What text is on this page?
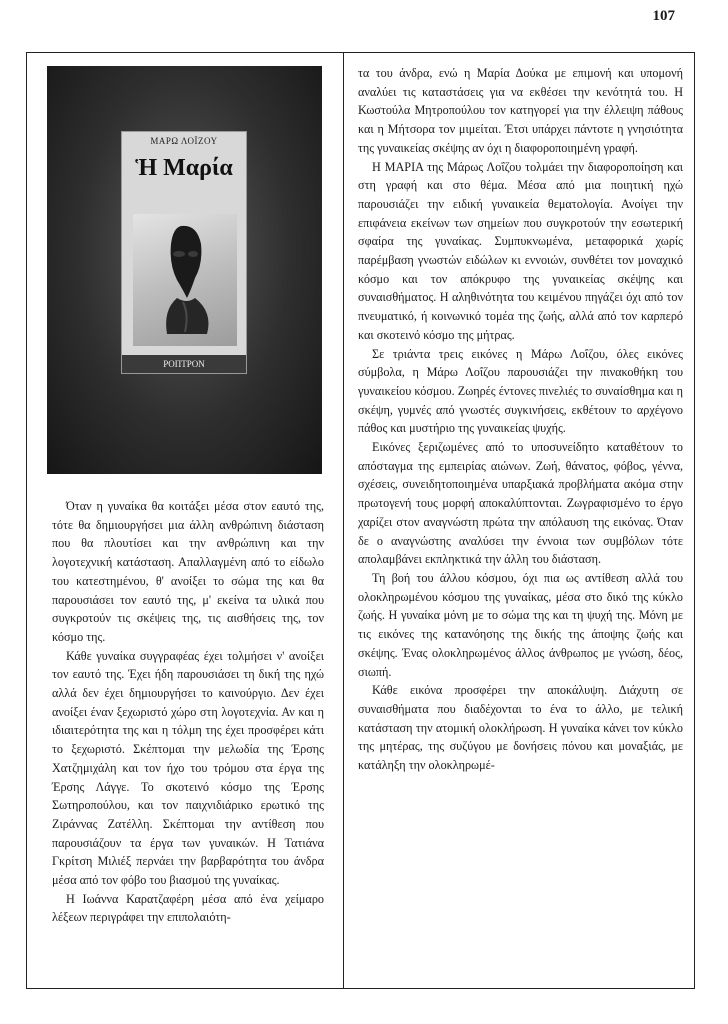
107
ΜΑΡΩ ΛΟΪΖΟΥ
Ἡ Μαρία
ΡΟΠΤΡΟΝ

Όταν η γυναίκα θα κοιτάξει μέσα στον εαυτό της, τότε θα δημιουργήσει μια άλλη ανθρώπινη διάσταση που θα πλουτίσει και την ανθρώπινη και την λογοτεχνική κατάσταση. Απαλλαγμένη από το είδωλο του κατεστημένου, θ' ανοίξει το σώμα της και θα παρουσιάσει τον εαυτό της, μ' εκείνα τα υλικά που συγκροτούν τις σκέψεις της, τις αισθήσεις της, τον κόσμο της.

Κάθε γυναίκα συγγραφέας έχει τολμήσει ν' ανοίξει τον εαυτό της. Έχει ήδη παρουσιάσει τη δική της ηχώ αλλά δεν έχει δημιουργήσει το καινούργιο. Δεν έχει ανοίξει έναν ξεχωριστό χώρο στη λογοτεχνία. Αν και η ιδιαιτερότητα της και η τόλμη της έχει προσφέρει κάτι το ξεχωριστό. Σκέπτομαι την μελωδία της Έρσης Χατζημιχάλη και τον ήχο του τρόμου στα έργα της Έρσης Λάγγε. Το σκοτεινό κόσμο της Έρσης Σωτηροπούλου, και τον παιχνιδιάρικο ερωτικό της Ζιράννας Ζατέλλη. Σκέπτομαι την αντίθεση που παρουσιάζουν τα έργα των γυναικών. Η Τατιάνα Γκρίτση Μιλιέξ περνάει την βαρβαρότητα του άνδρα μέσα από τον φόβο του βιασμού της γυναίκας.

Η Ιωάννα Καρατζαφέρη μέσα από ένα χείμαρο λέξεων περιγράφει την επιπολαιότη-

τα του άνδρα, ενώ η Μαρία Δούκα με επιμονή και υπομονή αναλύει τις καταστάσεις για να εκθέσει την κενότητά του. Η Κωστούλα Μητροπούλου τον κατηγορεί για την έλλειψη πάθους και η Μήτσορα τον μιμείται. Έτσι υπάρχει πάντοτε η γνησιότητα της γυναικείας σκέψης αν όχι η διαφοροποιημένη γραφή.

Η ΜΑΡΙΑ της Μάρως Λοΐζου τολμάει την διαφοροποίηση και στη γραφή και στο θέμα. Μέσα από μια ποιητική ηχώ παρουσιάζει την ειδική γυναικεία θεματολογία. Ανοίγει την επιφάνεια εκείνων των σημείων που συγκροτούν την εσωτερική σφαίρα της γυναίκας. Συμπυκνωμένα, μεταφορικά χωρίς παρέμβαση γνωστών ειδώλων κι εννοιών, συνθέτει τον μοναχικό κόσμο και τον απόκρυφο της γυναικείας σκέψης και συναισθήματος. Η αληθινότητα του κειμένου πηγάζει όχι από τον πνευματικό, ή κοινωνικό τομέα της ζωής, αλλά από τον καρπερό και σκοτεινό κόσμο της μήτρας.

Σε τριάντα τρεις εικόνες η Μάρω Λοΐζου, όλες εικόνες σύμβολα, η Μάρω Λοΐζου παρουσιάζει την πινακοθήκη του γυναικείου κόσμου. Ζωηρές έντονες πινελιές το συναίσθημα και η σκέψη, γυμνές από γνωστές συγκινήσεις, εκθέτουν το αρχέγονο πάθος και μυστήριο της γυναικείας ψυχής.

Εικόνες ξεριζωμένες από το υποσυνείδητο καταθέτουν το απόσταγμα της εμπειρίας αιώνων. Ζωή, θάνατος, φόβος, γέννα, σχέσεις, συνειδητοποιημένα υπαρξιακά προβλήματα ακόμα στην πρωτογενή τους μορφή αποκαλύπτονται. Ζωγραφισμένο το έργο χαρίζει στον αναγνώστη πρώτα την απόλαυση της εικόνας. Όταν δε ο αναγνώστης αναλύσει την έννοια των συμβόλων τότε απολαμβάνει εκπληκτικά την άλλη του διάσταση.

Τη βοή του άλλου κόσμου, όχι πια ως αντίθεση αλλά του ολοκληρωμένου κόσμου της γυναίκας, μέσα στο δικό της κύκλο ζωής. Η γυναίκα μόνη με το σώμα της και τη ψυχή της. Μόνη με τις εικόνες της κατανόησης της δικής της άποψης ζωής και σκέψης. Ένας ολοκληρωμένος άλλος άνθρωπος με γνώση, δέος, σιωπή.

Κάθε εικόνα προσφέρει την αποκάλυψη. Διάχυτη σε συναισθήματα που διαδέχονται το ένα το άλλο, με τελική κατάσταση την ατομική ολοκλήρωση. Η γυναίκα κάνει τον κύκλο της μητέρας, της συζύγου με δονήσεις πόνου και μοναξιάς, με κατάληξη την ολοκληρωμέ-
